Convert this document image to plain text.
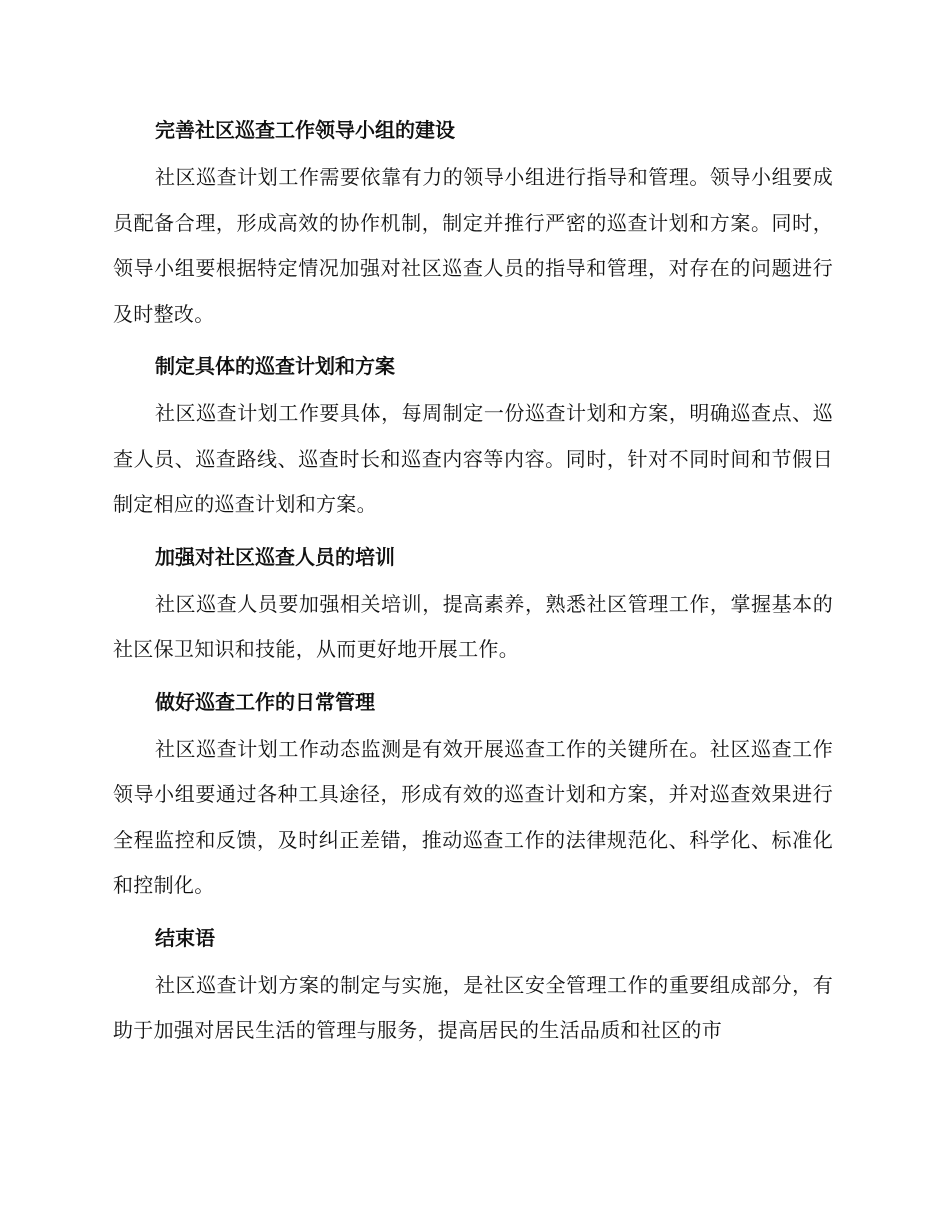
完善社区巡查工作领导小组的建设

社区巡查计划工作需要依靠有力的领导小组进行指导和管理。领导小组要成员配备合理，形成高效的协作机制，制定并推行严密的巡查计划和方案。同时，领导小组要根据特定情况加强对社区巡查人员的指导和管理，对存在的问题进行及时整改。

制定具体的巡查计划和方案

社区巡查计划工作要具体，每周制定一份巡查计划和方案，明确巡查点、巡查人员、巡查路线、巡查时长和巡查内容等内容。同时，针对不同时间和节假日制定相应的巡查计划和方案。

加强对社区巡查人员的培训

社区巡查人员要加强相关培训，提高素养，熟悉社区管理工作，掌握基本的社区保卫知识和技能，从而更好地开展工作。

做好巡查工作的日常管理

社区巡查计划工作动态监测是有效开展巡查工作的关键所在。社区巡查工作领导小组要通过各种工具途径，形成有效的巡查计划和方案，并对巡查效果进行全程监控和反馈，及时纠正差错，推动巡查工作的法律规范化、科学化、标准化和控制化。

结束语

社区巡查计划方案的制定与实施，是社区安全管理工作的重要组成部分，有助于加强对居民生活的管理与服务，提高居民的生活品质和社区的市
